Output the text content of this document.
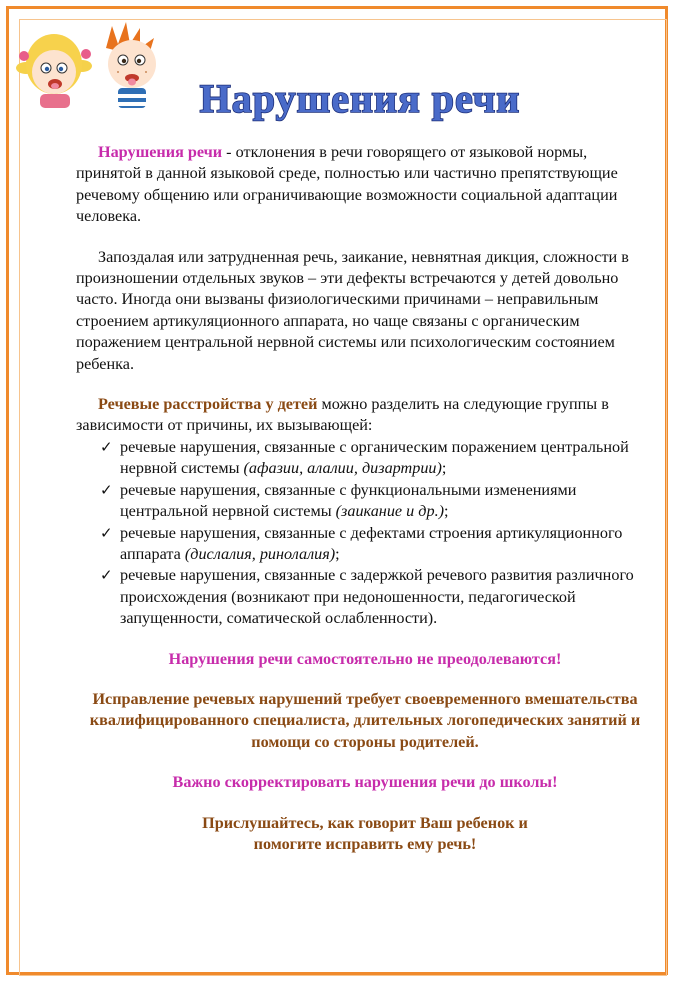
Нарушения речи

Нарушения речи - отклонения в речи говорящего от языковой нормы, принятой в данной языковой среде, полностью или частично препятствующие речевому общению или ограничивающие возможности социальной адаптации человека.

Запоздалая или затрудненная речь, заикание, невнятная дикция, сложности в произношении отдельных звуков – эти дефекты встречаются у детей довольно часто. Иногда они вызваны физиологическими причинами – неправильным строением артикуляционного аппарата, но чаще связаны с органическим поражением центральной нервной системы или психологическим состоянием ребенка.

Речевые расстройства у детей можно разделить на следующие группы в зависимости от причины, их вызывающей:

✓ речевые нарушения, связанные с органическим поражением центральной нервной системы (афазии, алалии, дизартрии);
✓ речевые нарушения, связанные с функциональными изменениями центральной нервной системы (заикание и др.);
✓ речевые нарушения, связанные с дефектами строения артикуляционного аппарата (дислалия, ринолалия);
✓ речевые нарушения, связанные с задержкой речевого развития различного происхождения (возникают при недоношенности, педагогической запущенности, соматической ослабленности).

Нарушения речи самостоятельно не преодолеваются!

Исправление речевых нарушений требует своевременного вмешательства квалифицированного специалиста, длительных логопедических занятий и помощи со стороны родителей.

Важно скорректировать нарушения речи до школы!

Прислушайтесь, как говорит Ваш ребенок и

помогите исправить ему речь!
